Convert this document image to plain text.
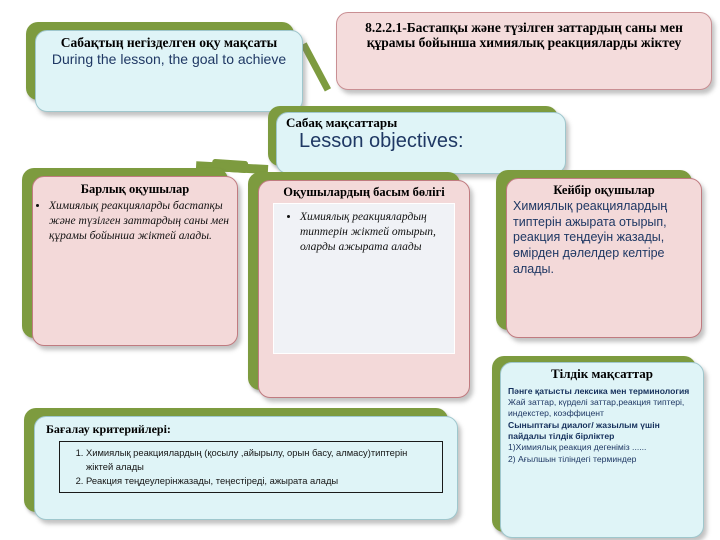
Сабақтың негізделген оқу мақсаты
During the lesson, the goal to achieve
8.2.2.1-Бастапқы және түзілген заттардың саны мен құрамы бойынша химиялық реакцияларды жіктеу
Сабақ мақсаттары
Lesson objectives:
Барлық оқушылар
• Химиялық реакцияларды бастапқы және түзілген заттардың саны мен құрамы бойынша жіктей алады.
Оқушылардың басым бөлігі
• Химиялық реакциялардың типтерін жіктей отырып, оларды ажырата алады
Кейбір оқушылар
Химиялық реакциялардың типтерін ажырата отырып, реакция теңдеуін жазады, өмірден дәлелдер келтіре алады.
Тілдік мақсаттар
Пәнге қатысты лексика мен терминология
Жай заттар, күрделі заттар,реакция типтері, индекстер, коэффицент
Сыныптағы диалог/ жазылым үшін пайдалы тілдік бірліктер
1)Химиялық реакция дегеніміз ......
2) Ағылшын тіліндегі терминдер
Бағалау критерийлері:
1. Химиялық реакциялардың (қосылу ,айырылу, орын басу, алмасу)типтерін жіктей алады
2. Реакция теңдеулерінжазады, теңестіреді, ажырата алады
